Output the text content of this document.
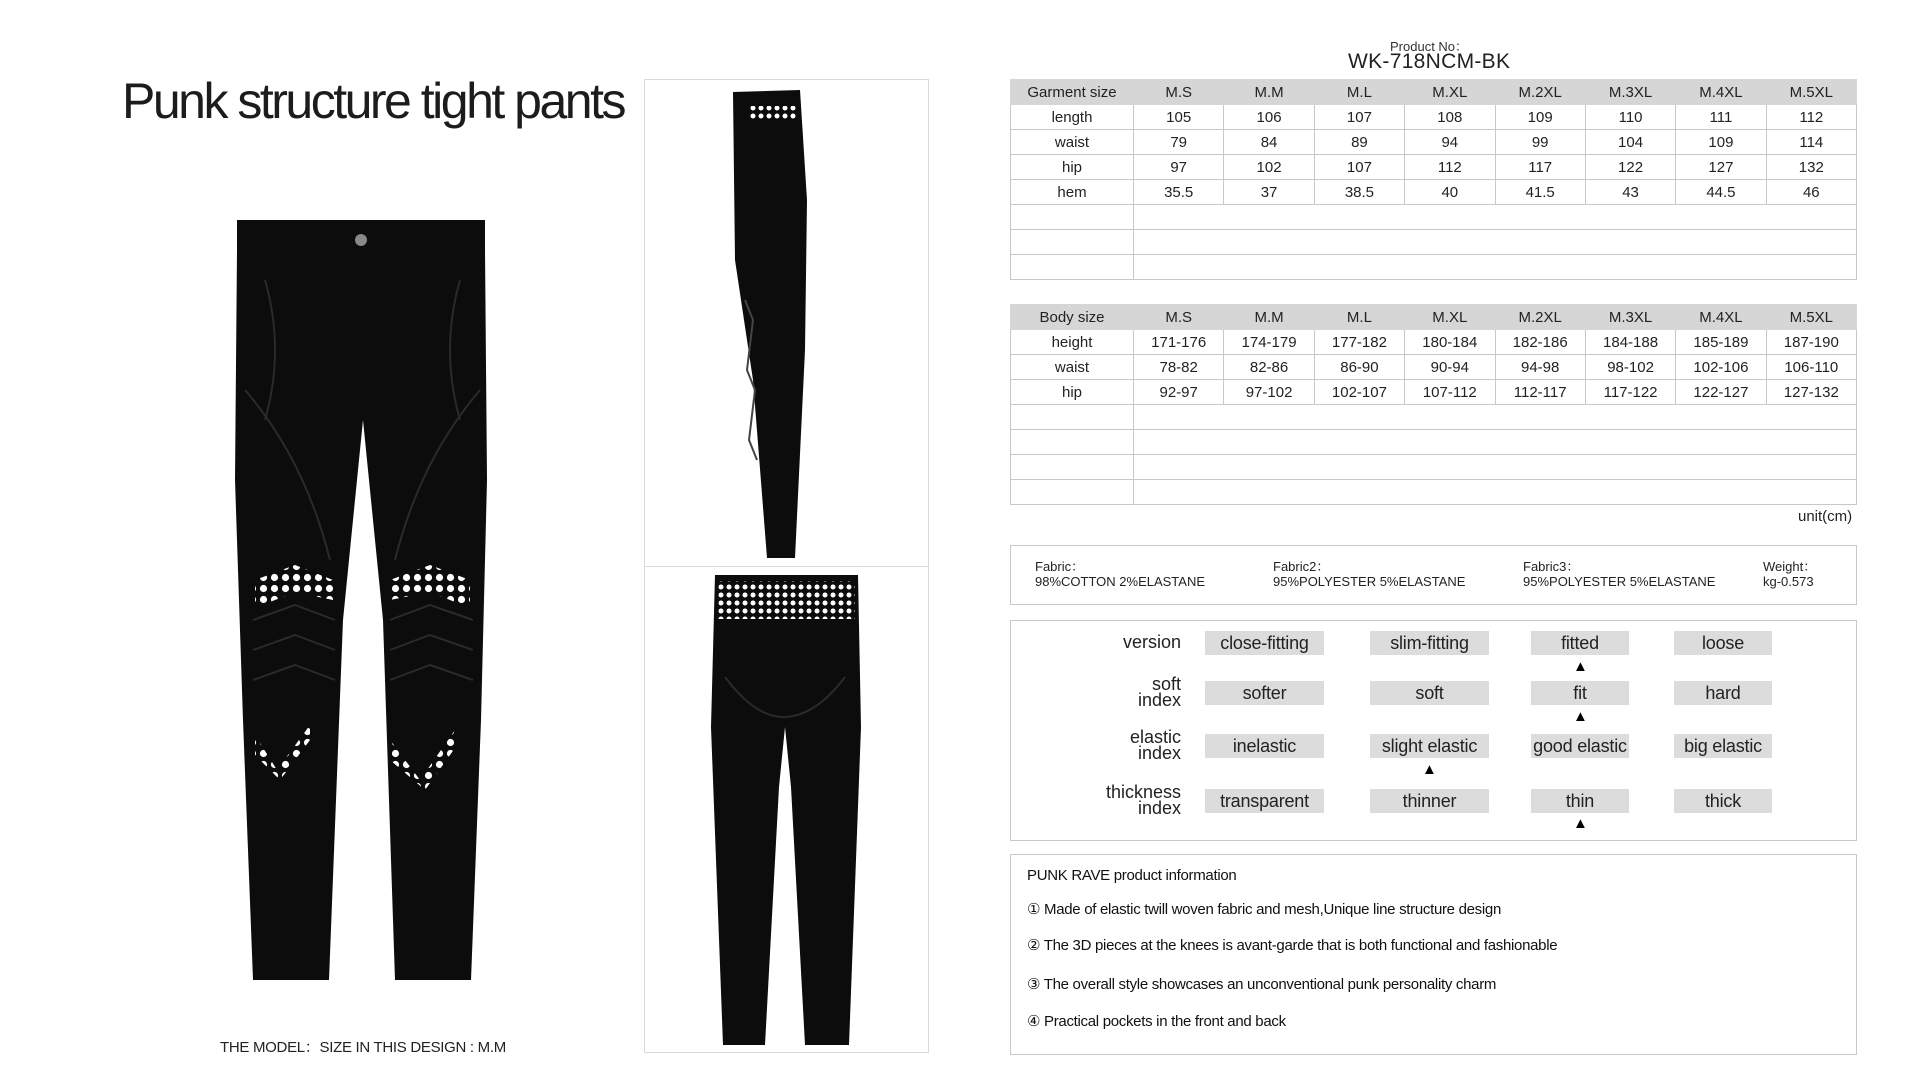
Punk structure tight pants
THE MODEL：SIZE IN THIS DESIGN : M.M
Product No：
WK-718NCM-BK
Garment size	M.S	M.M	M.L	M.XL	M.2XL	M.3XL	M.4XL	M.5XL
length	105	106	107	108	109	110	111	112
waist	79	84	89	94	99	104	109	114
hip	97	102	107	112	117	122	127	132
hem	35.5	37	38.5	40	41.5	43	44.5	46

Body size	M.S	M.M	M.L	M.XL	M.2XL	M.3XL	M.4XL	M.5XL
height	171-176	174-179	177-182	180-184	182-186	184-188	185-189	187-190
waist	78-82	82-86	86-90	90-94	94-98	98-102	102-106	106-110
hip	92-97	97-102	102-107	107-112	112-117	117-122	122-127	127-132

unit(cm)
Fabric：
98%COTTON 2%ELASTANE
Fabric2：
95%POLYESTER 5%ELASTANE
Fabric3：
95%POLYESTER 5%ELASTANE
Weight：
kg-0.573
version	close-fitting	slim-fitting	fitted	loose
▲
soft
index	softer	soft	fit	hard
▲
elastic
index	inelastic	slight elastic	good elastic	big elastic
▲
thickness
index	transparent	thinner	thin	thick
▲
PUNK RAVE product information
① Made of elastic twill woven fabric and mesh,Unique line structure design
② The 3D pieces at the knees is avant-garde that is both functional and fashionable
③ The overall style showcases an unconventional punk personality charm
④ Practical pockets in the front and back
